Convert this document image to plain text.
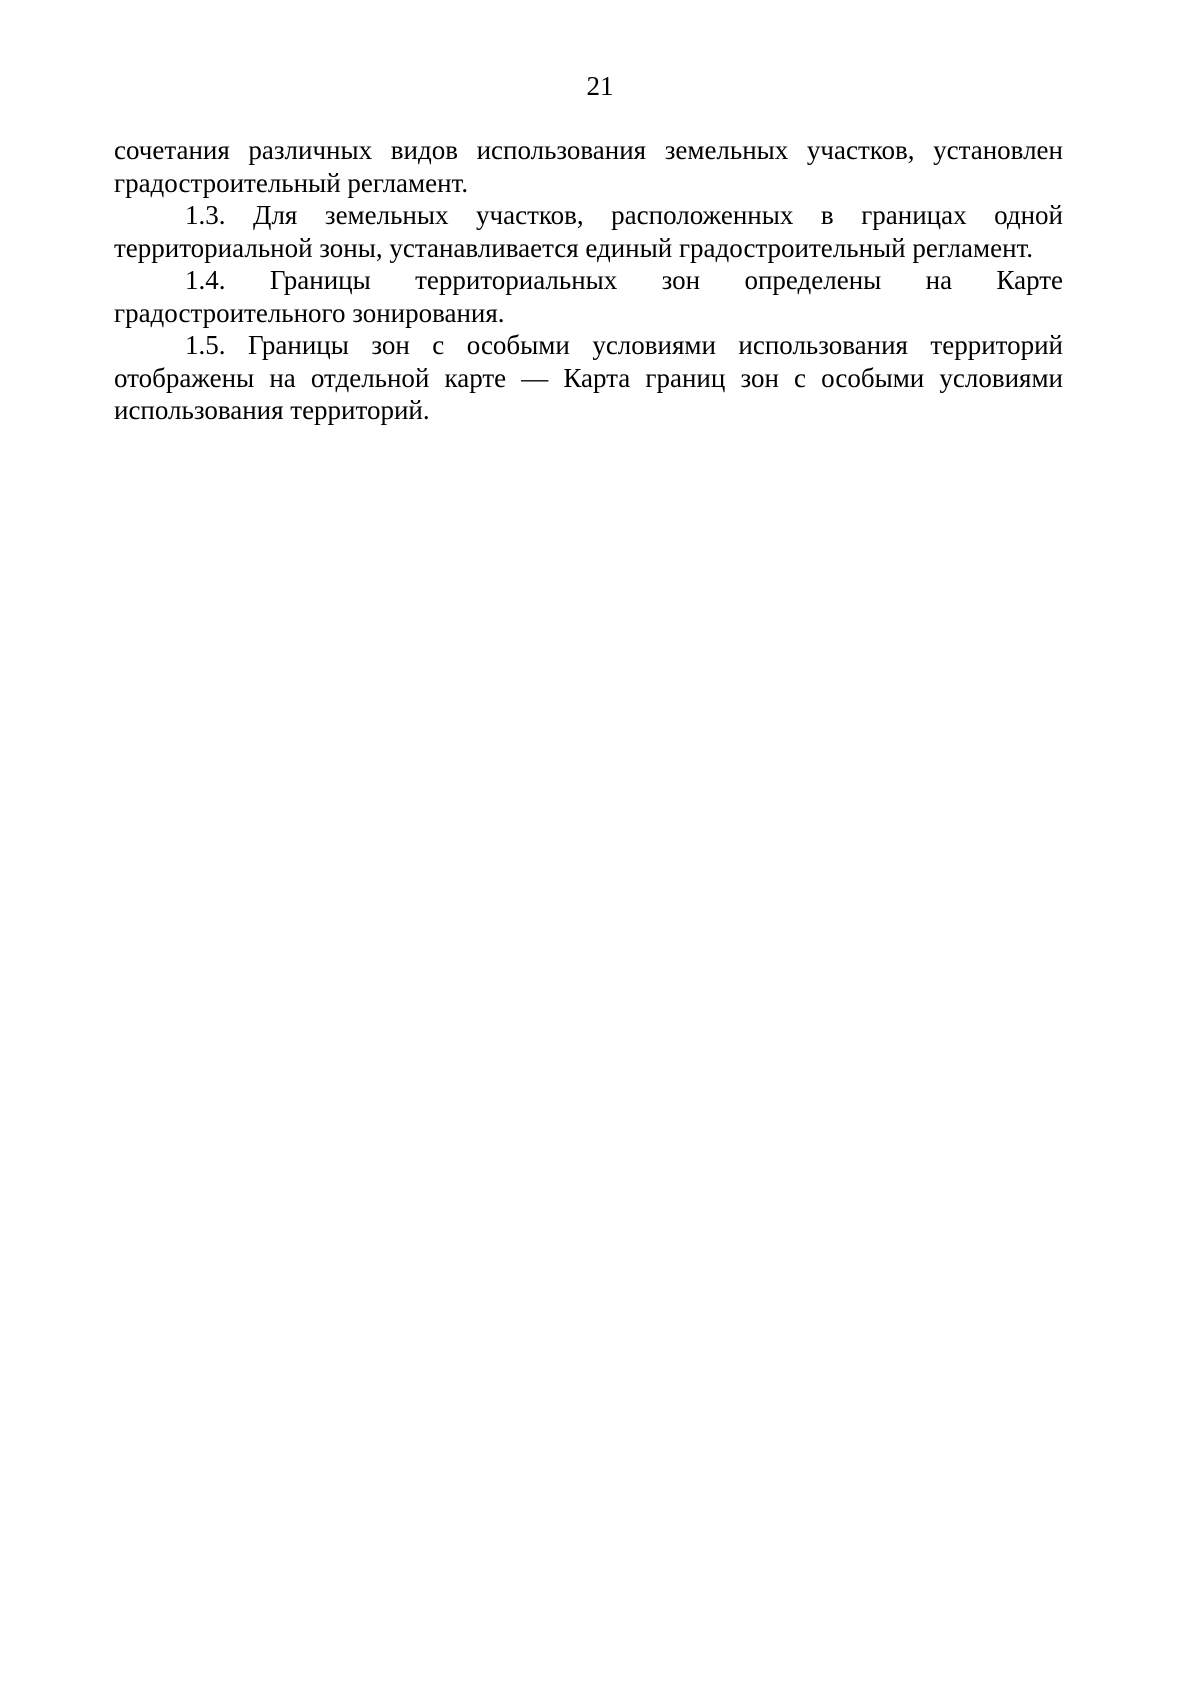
21

сочетания различных видов использования земельных участков, установлен градостроительный регламент.

1.3. Для земельных участков, расположенных в границах одной территориальной зоны, устанавливается единый градостроительный регламент.

1.4. Границы территориальных зон определены на Карте градостроительного зонирования.

1.5. Границы зон с особыми условиями использования территорий отображены на отдельной карте — Карта границ зон с особыми условиями использования территорий.
